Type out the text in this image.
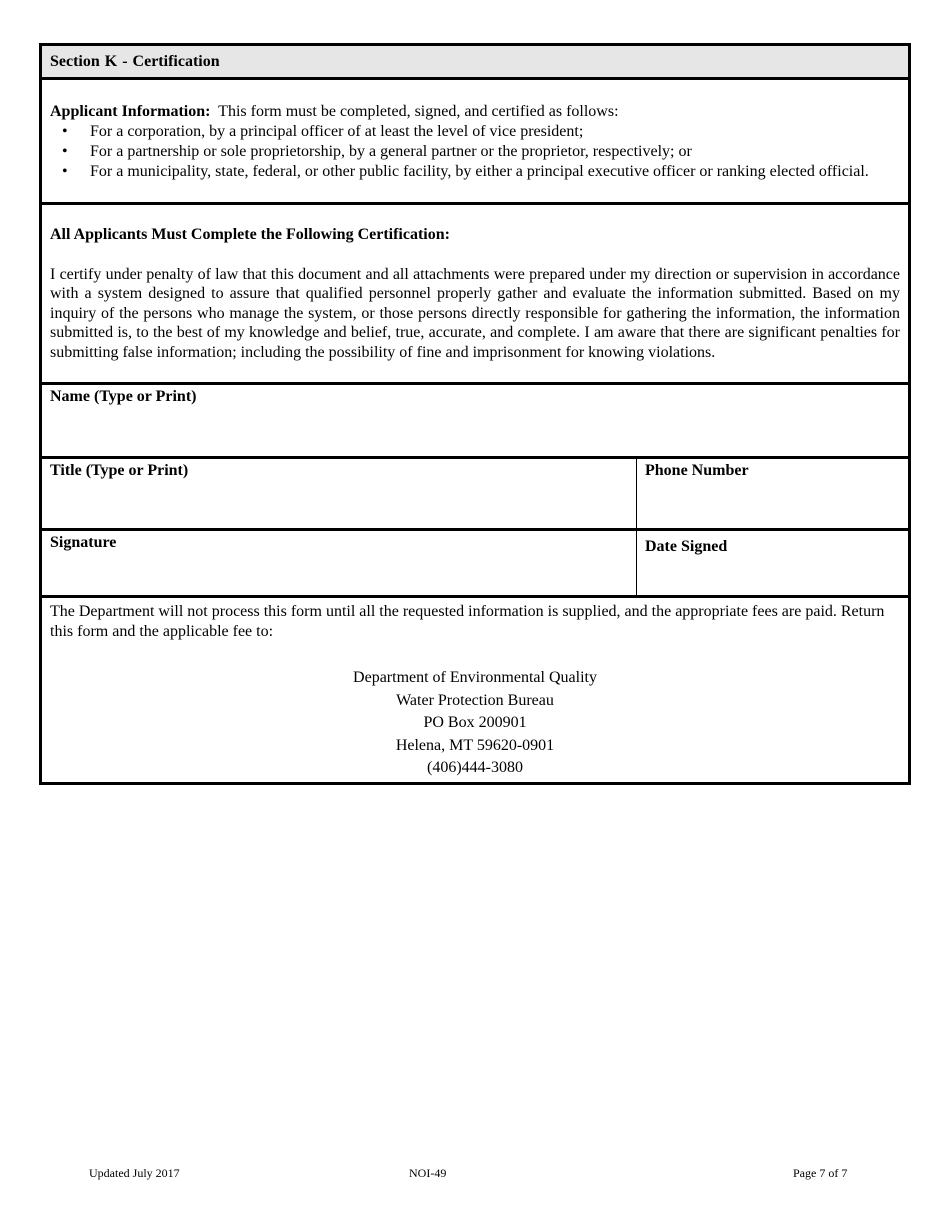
Section K - Certification
Applicant Information: This form must be completed, signed, and certified as follows:
• For a corporation, by a principal officer of at least the level of vice president;
• For a partnership or sole proprietorship, by a general partner or the proprietor, respectively; or
• For a municipality, state, federal, or other public facility, by either a principal executive officer or ranking elected official.
All Applicants Must Complete the Following Certification:
I certify under penalty of law that this document and all attachments were prepared under my direction or supervision in accordance with a system designed to assure that qualified personnel properly gather and evaluate the information submitted. Based on my inquiry of the persons who manage the system, or those persons directly responsible for gathering the information, the information submitted is, to the best of my knowledge and belief, true, accurate, and complete. I am aware that there are significant penalties for submitting false information; including the possibility of fine and imprisonment for knowing violations.
Name (Type or Print)
Title (Type or Print)	Phone Number
Signature	Date Signed
The Department will not process this form until all the requested information is supplied, and the appropriate fees are paid. Return this form and the applicable fee to:
Department of Environmental Quality
Water Protection Bureau
PO Box 200901
Helena, MT 59620-0901
(406)444-3080
Updated July 2017	NOI-49	Page 7 of 7
